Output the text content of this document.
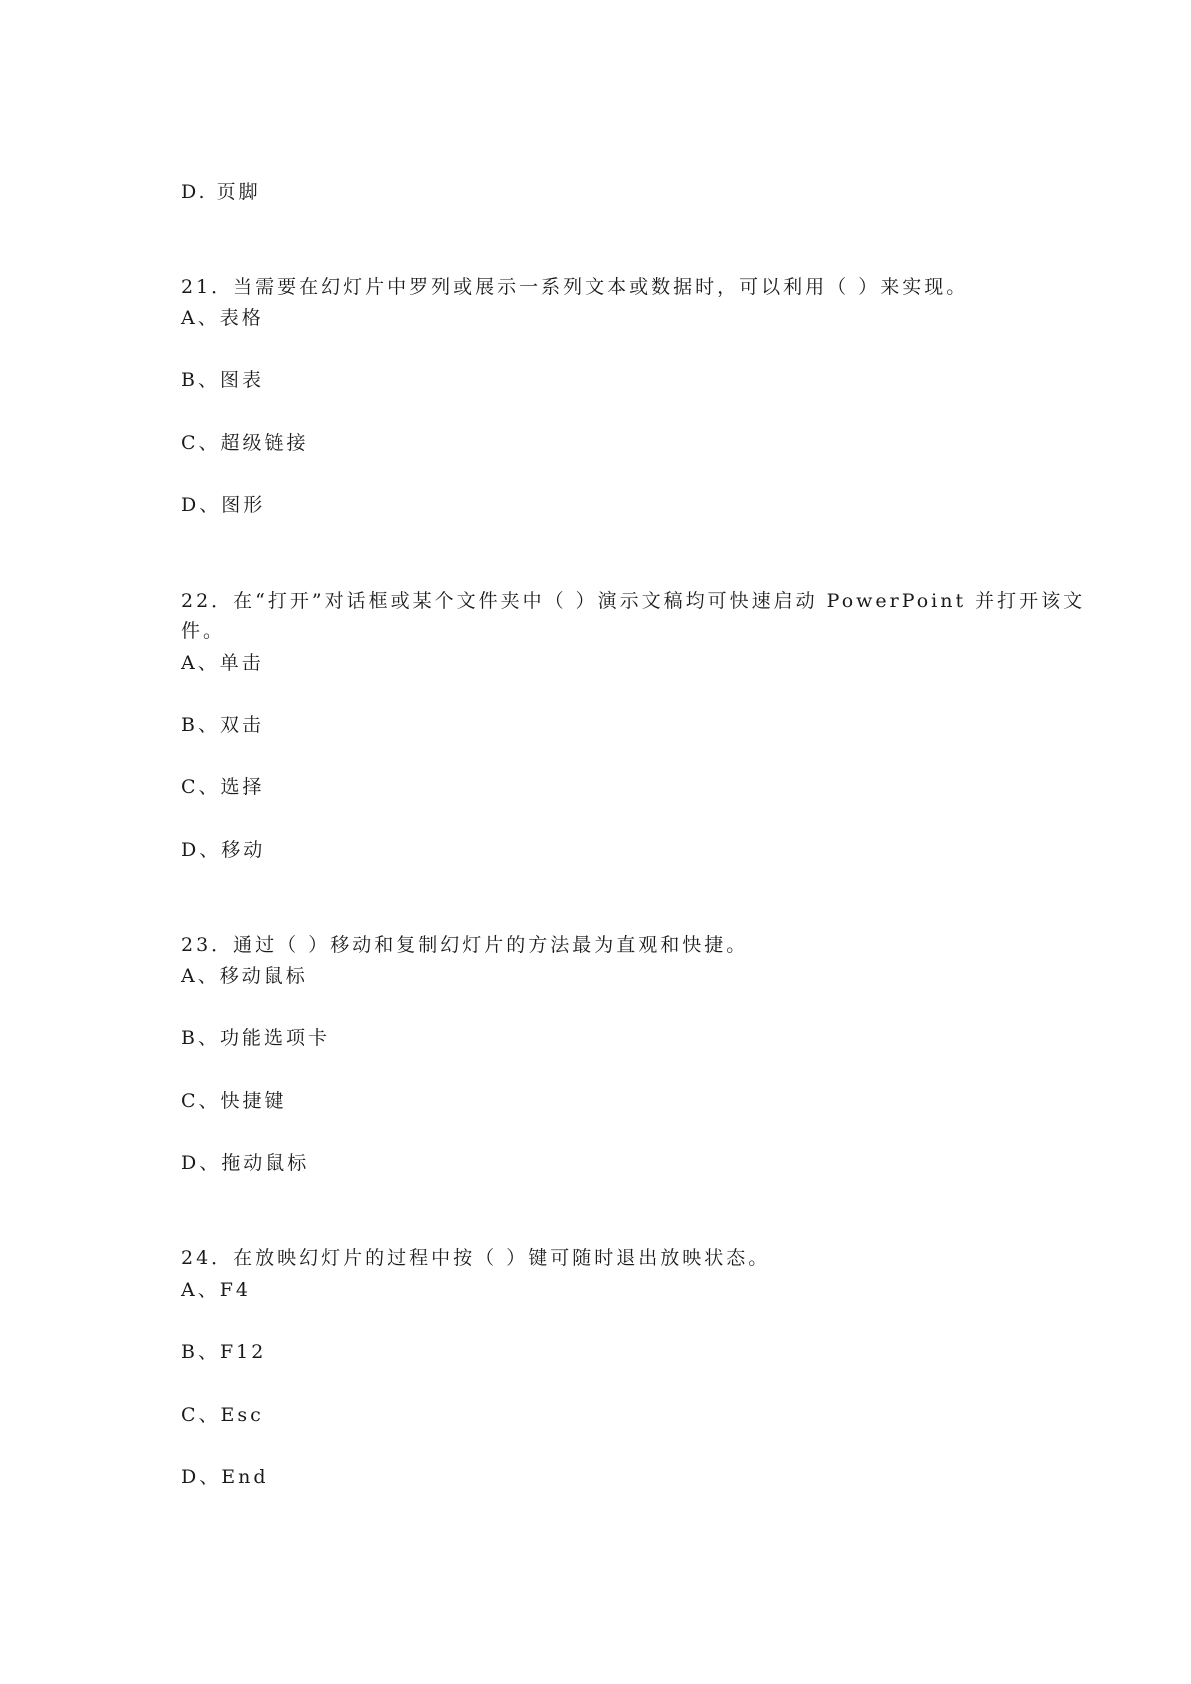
D. 页脚
21．当需要在幻灯片中罗列或展示一系列文本或数据时，可以利用（ ）来实现。
A、表格
B、图表
C、超级链接
D、图形
22．在“打开”对话框或某个文件夹中（ ）演示文稿均可快速启动 PowerPoint 并打开该文
件。
A、单击
B、双击
C、选择
D、移动
23．通过（ ）移动和复制幻灯片的方法最为直观和快捷。
A、移动鼠标
B、功能选项卡
C、快捷键
D、拖动鼠标
24．在放映幻灯片的过程中按（ ）键可随时退出放映状态。
A、F4
B、F12
C、Esc
D、End
